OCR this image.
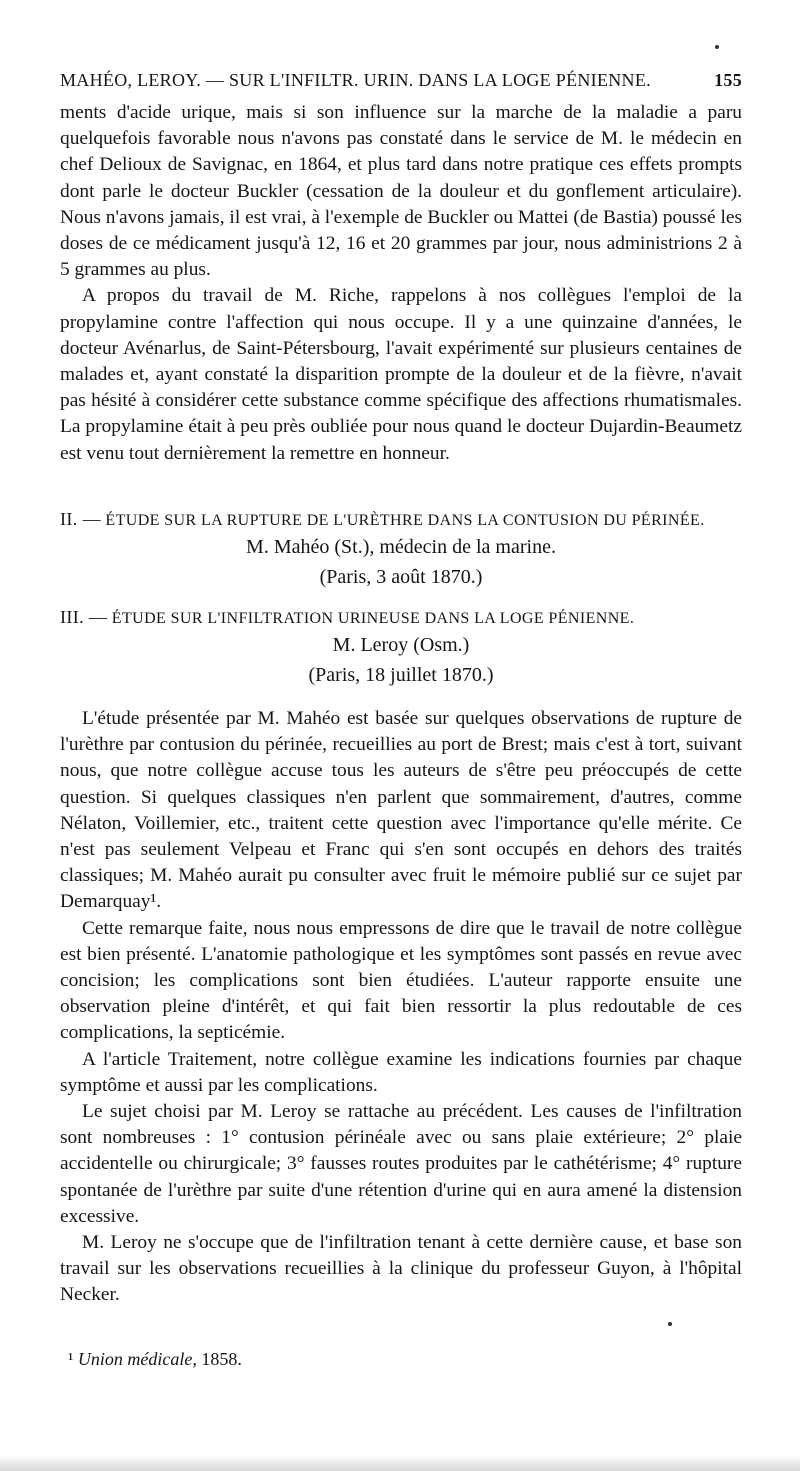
MAHÉO, LEROY. — SUR L'INFILTR. URIN. DANS LA LOGE PÉNIENNE.	155

ments d'acide urique, mais si son influence sur la marche de la maladie a paru quelquefois favorable nous n'avons pas constaté dans le service de M. le médecin en chef Delioux de Savignac, en 1864, et plus tard dans notre pratique ces effets prompts dont parle le docteur Buckler (cessation de la douleur et du gonflement articulaire). Nous n'avons jamais, il est vrai, à l'exemple de Buckler ou Mattei (de Bastia) poussé les doses de ce médicament jusqu'à 12, 16 et 20 grammes par jour, nous administrions 2 à 5 grammes au plus.

A propos du travail de M. Riche, rappelons à nos collègues l'emploi de la propylamine contre l'affection qui nous occupe. Il y a une quinzaine d'années, le docteur Avénarlus, de Saint-Pétersbourg, l'avait expérimenté sur plusieurs centaines de malades et, ayant constaté la disparition prompte de la douleur et de la fièvre, n'avait pas hésité à considérer cette substance comme spécifique des affections rhumatismales. La propylamine était à peu près oubliée pour nous quand le docteur Dujardin-Beaumetz est venu tout dernièrement la remettre en honneur.

II. — ÉTUDE SUR LA RUPTURE DE L'URÈTHRE DANS LA CONTUSION DU PÉRINÉE.
M. Mahéo (St.), médecin de la marine.
(Paris, 3 août 1870.)
III. — ÉTUDE SUR L'INFILTRATION URINEUSE DANS LA LOGE PÉNIENNE.
M. Leroy (Osm.)
(Paris, 18 juillet 1870.)

L'étude présentée par M. Mahéo est basée sur quelques observations de rupture de l'urèthre par contusion du périnée, recueillies au port de Brest; mais c'est à tort, suivant nous, que notre collègue accuse tous les auteurs de s'être peu préoccupés de cette question. Si quelques classiques n'en parlent que sommairement, d'autres, comme Nélaton, Voillemier, etc., traitent cette question avec l'importance qu'elle mérite. Ce n'est pas seulement Velpeau et Franc qui s'en sont occupés en dehors des traités classiques; M. Mahéo aurait pu consulter avec fruit le mémoire publié sur ce sujet par Demarquay¹.

Cette remarque faite, nous nous empressons de dire que le travail de notre collègue est bien présenté. L'anatomie pathologique et les symptômes sont passés en revue avec concision; les complications sont bien étudiées. L'auteur rapporte ensuite une observation pleine d'intérêt, et qui fait bien ressortir la plus redoutable de ces complications, la septicémie.

A l'article Traitement, notre collègue examine les indications fournies par chaque symptôme et aussi par les complications.

Le sujet choisi par M. Leroy se rattache au précédent. Les causes de l'infiltration sont nombreuses : 1° contusion périnéale avec ou sans plaie extérieure; 2° plaie accidentelle ou chirurgicale; 3° fausses routes produites par le cathétérisme; 4° rupture spontanée de l'urèthre par suite d'une rétention d'urine qui en aura amené la distension excessive.

M. Leroy ne s'occupe que de l'infiltration tenant à cette dernière cause, et base son travail sur les observations recueillies à la clinique du professeur Guyon, à l'hôpital Necker.

¹ Union médicale, 1858.
